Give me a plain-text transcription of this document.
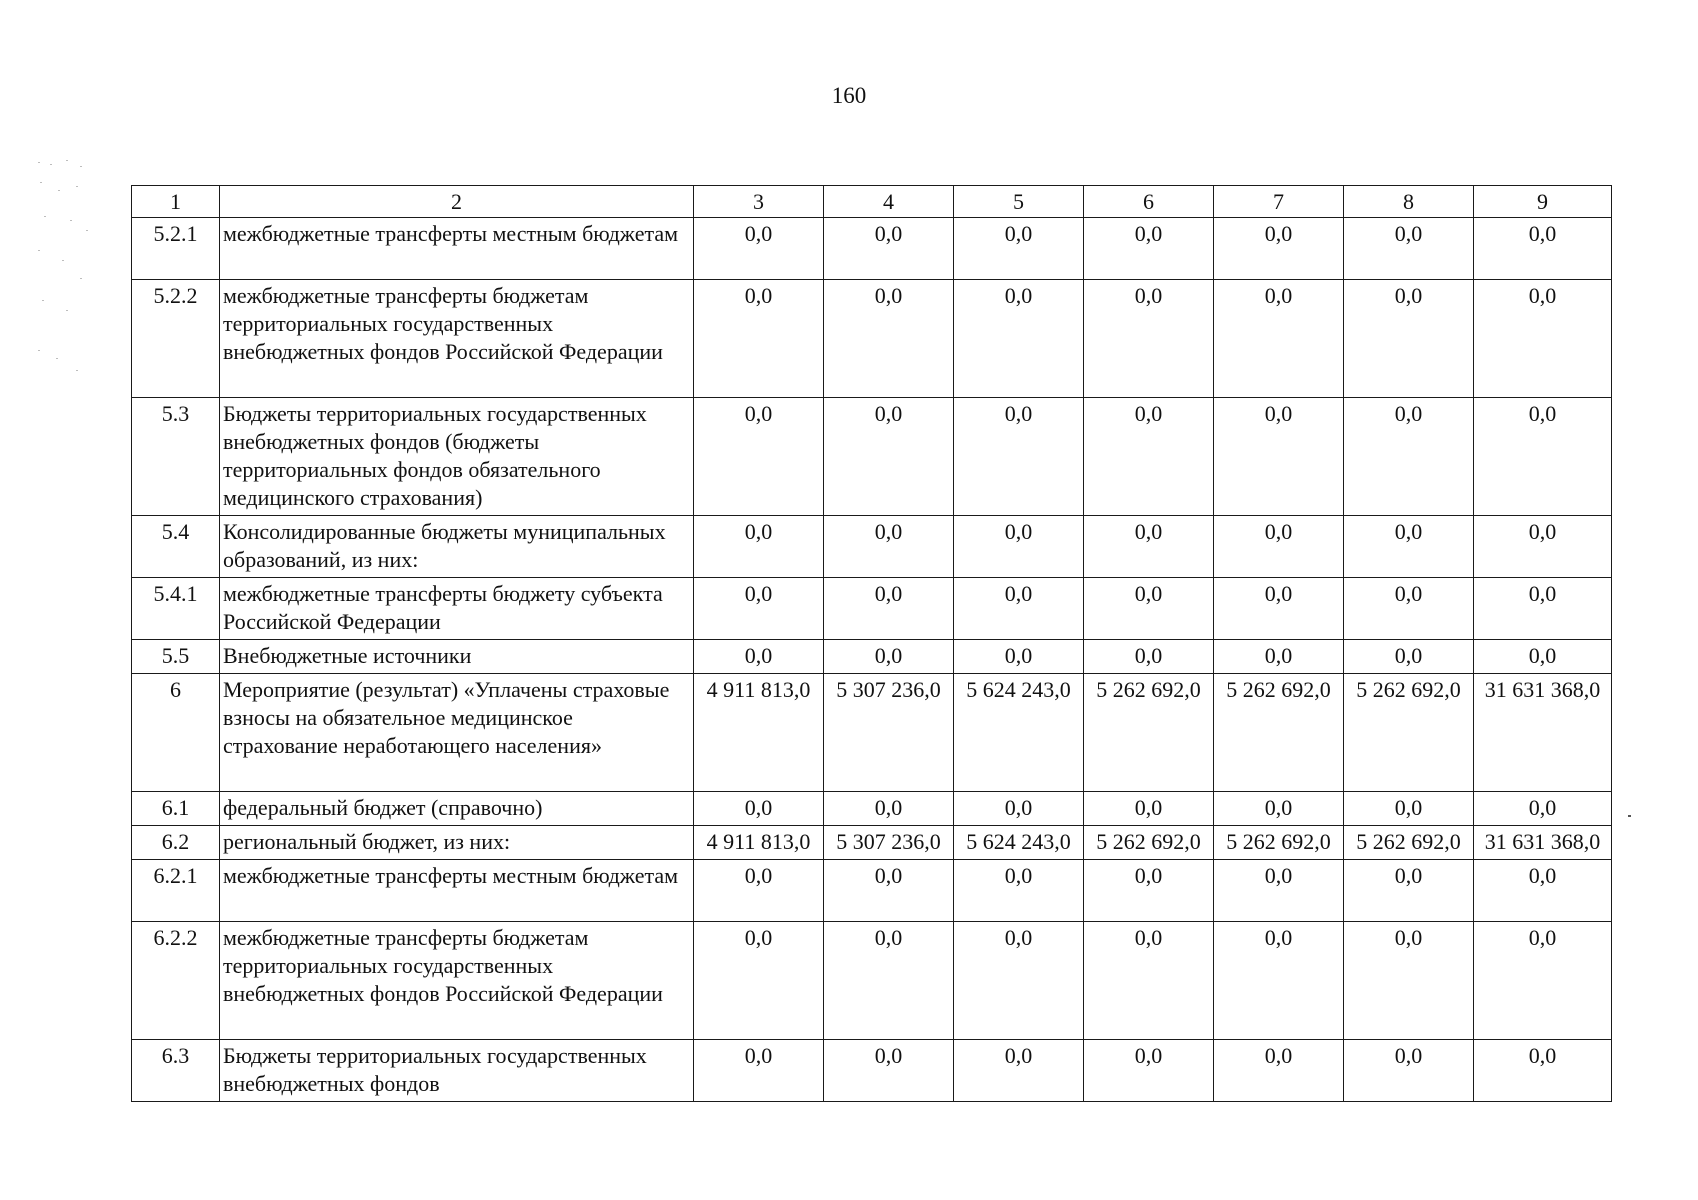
160
1	2	3	4	5	6	7	8	9
5.2.1	межбюджетные трансферты местным бюджетам	0,0	0,0	0,0	0,0	0,0	0,0	0,0
5.2.2	межбюджетные трансферты бюджетам территориальных государственных внебюджетных фондов Российской Федерации	0,0	0,0	0,0	0,0	0,0	0,0	0,0
5.3	Бюджеты территориальных государственных внебюджетных фондов (бюджеты территориальных фондов обязательного медицинского страхования)	0,0	0,0	0,0	0,0	0,0	0,0	0,0
5.4	Консолидированные бюджеты муниципальных образований, из них:	0,0	0,0	0,0	0,0	0,0	0,0	0,0
5.4.1	межбюджетные трансферты бюджету субъекта Российской Федерации	0,0	0,0	0,0	0,0	0,0	0,0	0,0
5.5	Внебюджетные источники	0,0	0,0	0,0	0,0	0,0	0,0	0,0
6	Мероприятие (результат) «Уплачены страховые взносы на обязательное медицинское страхование неработающего населения»	4 911 813,0	5 307 236,0	5 624 243,0	5 262 692,0	5 262 692,0	5 262 692,0	31 631 368,0
6.1	федеральный бюджет (справочно)	0,0	0,0	0,0	0,0	0,0	0,0	0,0
6.2	региональный бюджет, из них:	4 911 813,0	5 307 236,0	5 624 243,0	5 262 692,0	5 262 692,0	5 262 692,0	31 631 368,0
6.2.1	межбюджетные трансферты местным бюджетам	0,0	0,0	0,0	0,0	0,0	0,0	0,0
6.2.2	межбюджетные трансферты бюджетам территориальных государственных внебюджетных фондов Российской Федерации	0,0	0,0	0,0	0,0	0,0	0,0	0,0
6.3	Бюджеты территориальных государственных внебюджетных фондов	0,0	0,0	0,0	0,0	0,0	0,0	0,0
